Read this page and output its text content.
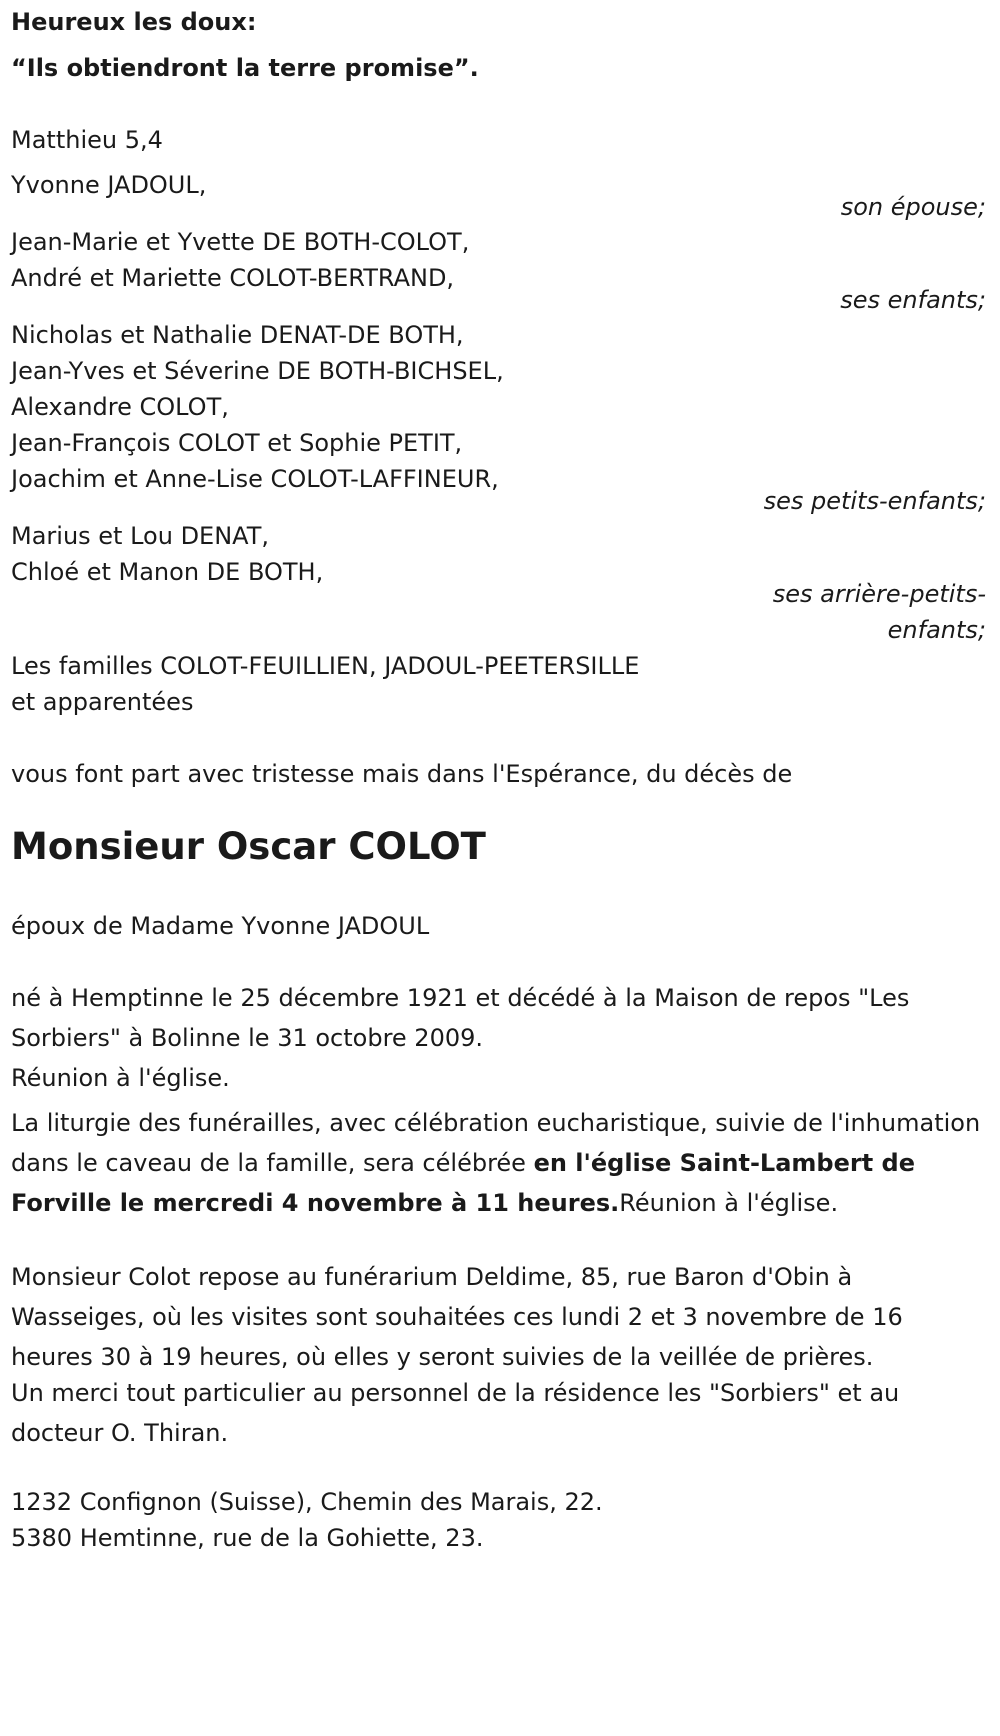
Heureux les doux:

“Ils obtiendront la terre promise”.

Matthieu 5,4

Yvonne JADOUL,

son épouse;

Jean-Marie et Yvette DE BOTH-COLOT,

André et Mariette COLOT-BERTRAND,

ses enfants;

Nicholas et Nathalie DENAT-DE BOTH,

Jean-Yves et Séverine DE BOTH-BICHSEL,

Alexandre COLOT,

Jean-François COLOT et Sophie PETIT,

Joachim et Anne-Lise COLOT-LAFFINEUR,

ses petits-enfants;

Marius et Lou DENAT,

Chloé et Manon DE BOTH,

ses arrière-petits-

enfants;

Les familles COLOT-FEUILLIEN, JADOUL-PEETERSILLE

et apparentées

vous font part avec tristesse mais dans l'Espérance, du décès de

Monsieur Oscar COLOT

époux de Madame Yvonne JADOUL

né à Hemptinne le 25 décembre 1921 et décédé à la Maison de repos "Les Sorbiers" à Bolinne le 31 octobre 2009.

Réunion à l'église.

La liturgie des funérailles, avec célébration eucharistique, suivie de l'inhumation dans le caveau de la famille, sera célébrée en l'église Saint-Lambert de Forville le mercredi 4 novembre à 11 heures.Réunion à l'église.

Monsieur Colot repose au funérarium Deldime, 85, rue Baron d'Obin à Wasseiges, où les visites sont souhaitées ces lundi 2 et 3 novembre de 16 heures 30 à 19 heures, où elles y seront suivies de la veillée de prières.

Un merci tout particulier au personnel de la résidence les "Sorbiers" et au docteur O. Thiran.

1232 Confignon (Suisse), Chemin des Marais, 22.

5380 Hemtinne, rue de la Gohiette, 23.
